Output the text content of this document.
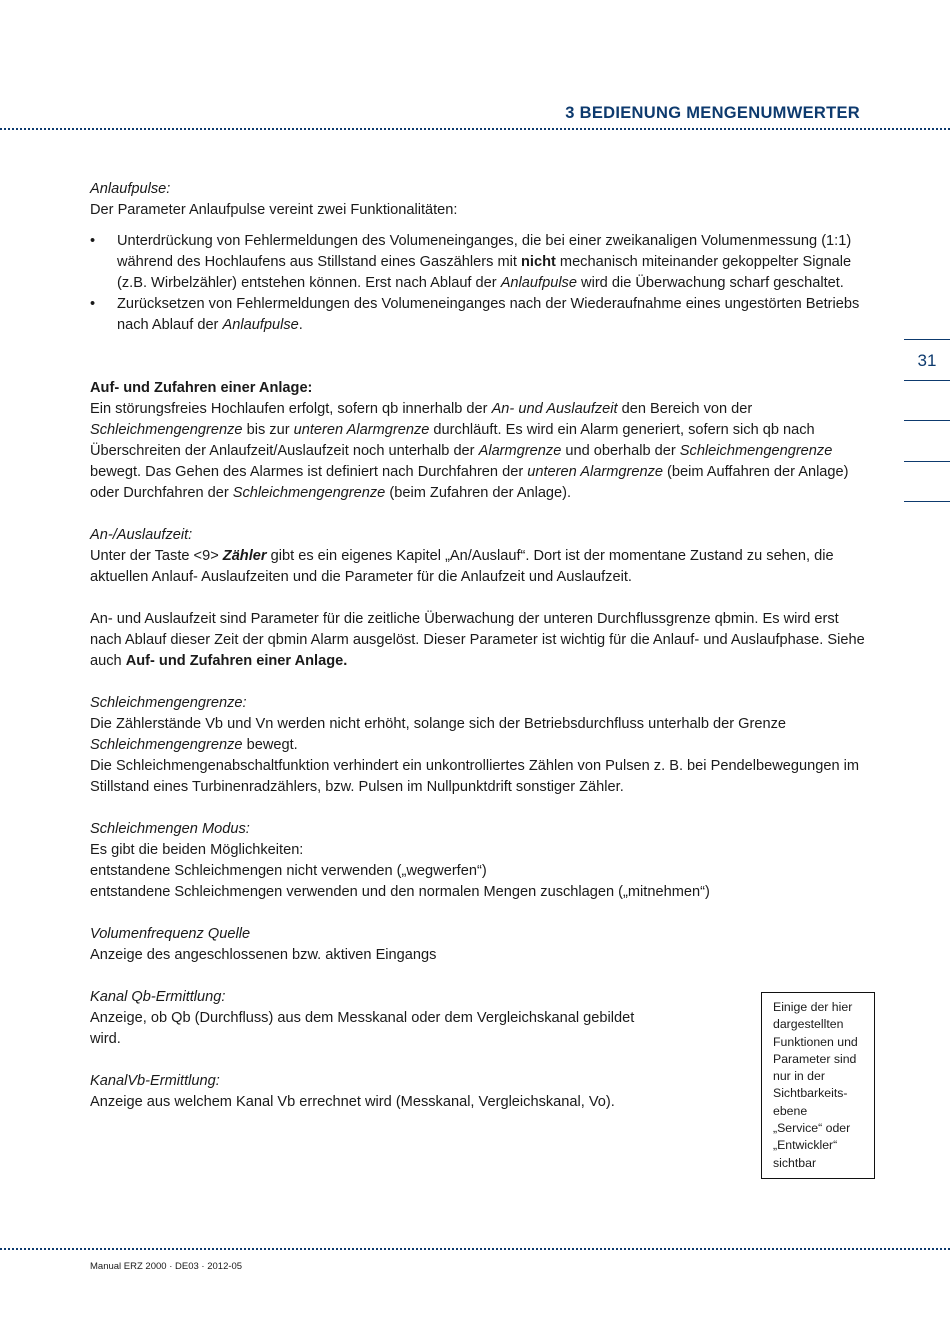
3 BEDIENUNG MENGENUMWERTER
31

Anlaufpulse:

Der Parameter Anlaufpulse vereint zwei Funktionalitäten:

• Unterdrückung von Fehlermeldungen des Volumeneinganges, die bei einer zweikanaligen Volumenmessung (1:1) während des Hochlaufens aus Stillstand eines Gaszählers mit nicht mechanisch miteinander gekoppelter Signale (z.B. Wirbelzähler) entstehen können. Erst nach Ablauf der Anlaufpulse wird die Überwachung scharf geschaltet.
• Zurücksetzen von Fehlermeldungen des Volumeneinganges nach der Wiederaufnahme eines ungestörten Betriebs nach Ablauf der Anlaufpulse.

Auf- und Zufahren einer Anlage:

Ein störungsfreies Hochlaufen erfolgt, sofern qb innerhalb der An- und Auslaufzeit den Bereich von der Schleichmengengrenze bis zur unteren Alarmgrenze durchläuft. Es wird ein Alarm generiert, sofern sich qb nach Überschreiten der Anlaufzeit/Auslaufzeit noch unterhalb der Alarmgrenze und oberhalb der Schleichmengengrenze bewegt. Das Gehen des Alarmes ist definiert nach Durchfahren der unteren Alarmgrenze (beim Auffahren der Anlage) oder Durchfahren der Schleichmengengrenze (beim Zufahren der Anlage).

An-/Auslaufzeit:

Unter der Taste <9> Zähler gibt es ein eigenes Kapitel „An/Auslauf“. Dort ist der momentane Zustand zu sehen, die aktuellen Anlauf- Auslaufzeiten und die Parameter für die Anlaufzeit und Auslaufzeit.

An- und Auslaufzeit sind Parameter für die zeitliche Überwachung der unteren Durchflussgrenze qbmin. Es wird erst nach Ablauf dieser Zeit der qbmin Alarm ausgelöst. Dieser Parameter ist wichtig für die Anlauf- und Auslaufphase. Siehe auch Auf- und Zufahren einer Anlage.

Schleichmengengrenze:

Die Zählerstände Vb und Vn werden nicht erhöht, solange sich der Betriebsdurchfluss unterhalb der Grenze Schleichmengengrenze bewegt.

Die Schleichmengenabschaltfunktion verhindert ein unkontrolliertes Zählen von Pulsen z. B. bei Pendelbewegungen im Stillstand eines Turbinenradzählers, bzw. Pulsen im Nullpunktdrift sonstiger Zähler.

Schleichmengen Modus:

Es gibt die beiden Möglichkeiten:

entstandene Schleichmengen nicht verwenden („wegwerfen“)

entstandene Schleichmengen verwenden und den normalen Mengen zuschlagen („mitnehmen“)

Volumenfrequenz Quelle

Anzeige des angeschlossenen bzw. aktiven Eingangs

Kanal Qb-Ermittlung:

Anzeige, ob Qb (Durchfluss) aus dem Messkanal oder dem Vergleichskanal gebildet

wird.

KanalVb-Ermittlung:

Anzeige aus welchem Kanal Vb errechnet wird (Messkanal, Vergleichskanal, Vo).

Einige der hier
dargestellten
Funktionen und
Parameter sind
nur in der
Sichtbarkeits-
ebene
„Service“ oder
„Entwickler“
sichtbar
Manual ERZ 2000 · DE03 · 2012-05
